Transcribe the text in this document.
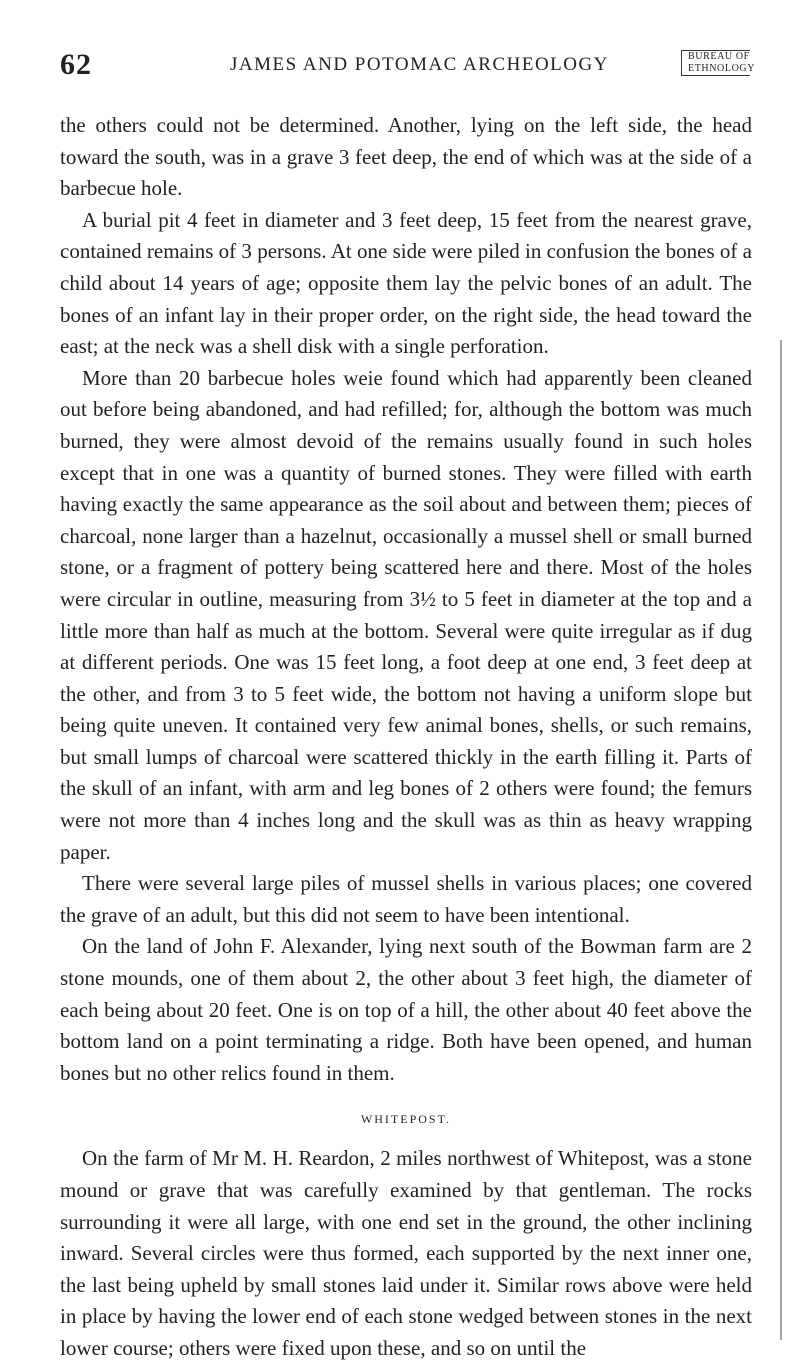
62	JAMES AND POTOMAC ARCHEOLOGY	BUREAU OF
ETHNOLOGY

the others could not be determined. Another, lying on the left side, the head toward the south, was in a grave 3 feet deep, the end of which was at the side of a barbecue hole.

A burial pit 4 feet in diameter and 3 feet deep, 15 feet from the nearest grave, contained remains of 3 persons. At one side were piled in confusion the bones of a child about 14 years of age; opposite them lay the pelvic bones of an adult. The bones of an infant lay in their proper order, on the right side, the head toward the east; at the neck was a shell disk with a single perforation.

More than 20 barbecue holes weie found which had apparently been cleaned out before being abandoned, and had refilled; for, although the bottom was much burned, they were almost devoid of the remains usually found in such holes except that in one was a quantity of burned stones. They were filled with earth having exactly the same appearance as the soil about and between them; pieces of charcoal, none larger than a hazelnut, occasionally a mussel shell or small burned stone, or a fragment of pottery being scattered here and there. Most of the holes were circular in outline, measuring from 3½ to 5 feet in diameter at the top and a little more than half as much at the bottom. Several were quite irregular as if dug at different periods. One was 15 feet long, a foot deep at one end, 3 feet deep at the other, and from 3 to 5 feet wide, the bottom not having a uniform slope but being quite uneven. It contained very few animal bones, shells, or such remains, but small lumps of charcoal were scattered thickly in the earth filling it. Parts of the skull of an infant, with arm and leg bones of 2 others were found; the femurs were not more than 4 inches long and the skull was as thin as heavy wrapping paper.

There were several large piles of mussel shells in various places; one covered the grave of an adult, but this did not seem to have been intentional.

On the land of John F. Alexander, lying next south of the Bowman farm are 2 stone mounds, one of them about 2, the other about 3 feet high, the diameter of each being about 20 feet. One is on top of a hill, the other about 40 feet above the bottom land on a point terminating a ridge. Both have been opened, and human bones but no other relics found in them.

WHITEPOST.

On the farm of Mr M. H. Reardon, 2 miles northwest of Whitepost, was a stone mound or grave that was carefully examined by that gentleman. The rocks surrounding it were all large, with one end set in the ground, the other inclining inward. Several circles were thus formed, each supported by the next inner one, the last being upheld by small stones laid under it. Similar rows above were held in place by having the lower end of each stone wedged between stones in the next lower course; others were fixed upon these, and so on until the
